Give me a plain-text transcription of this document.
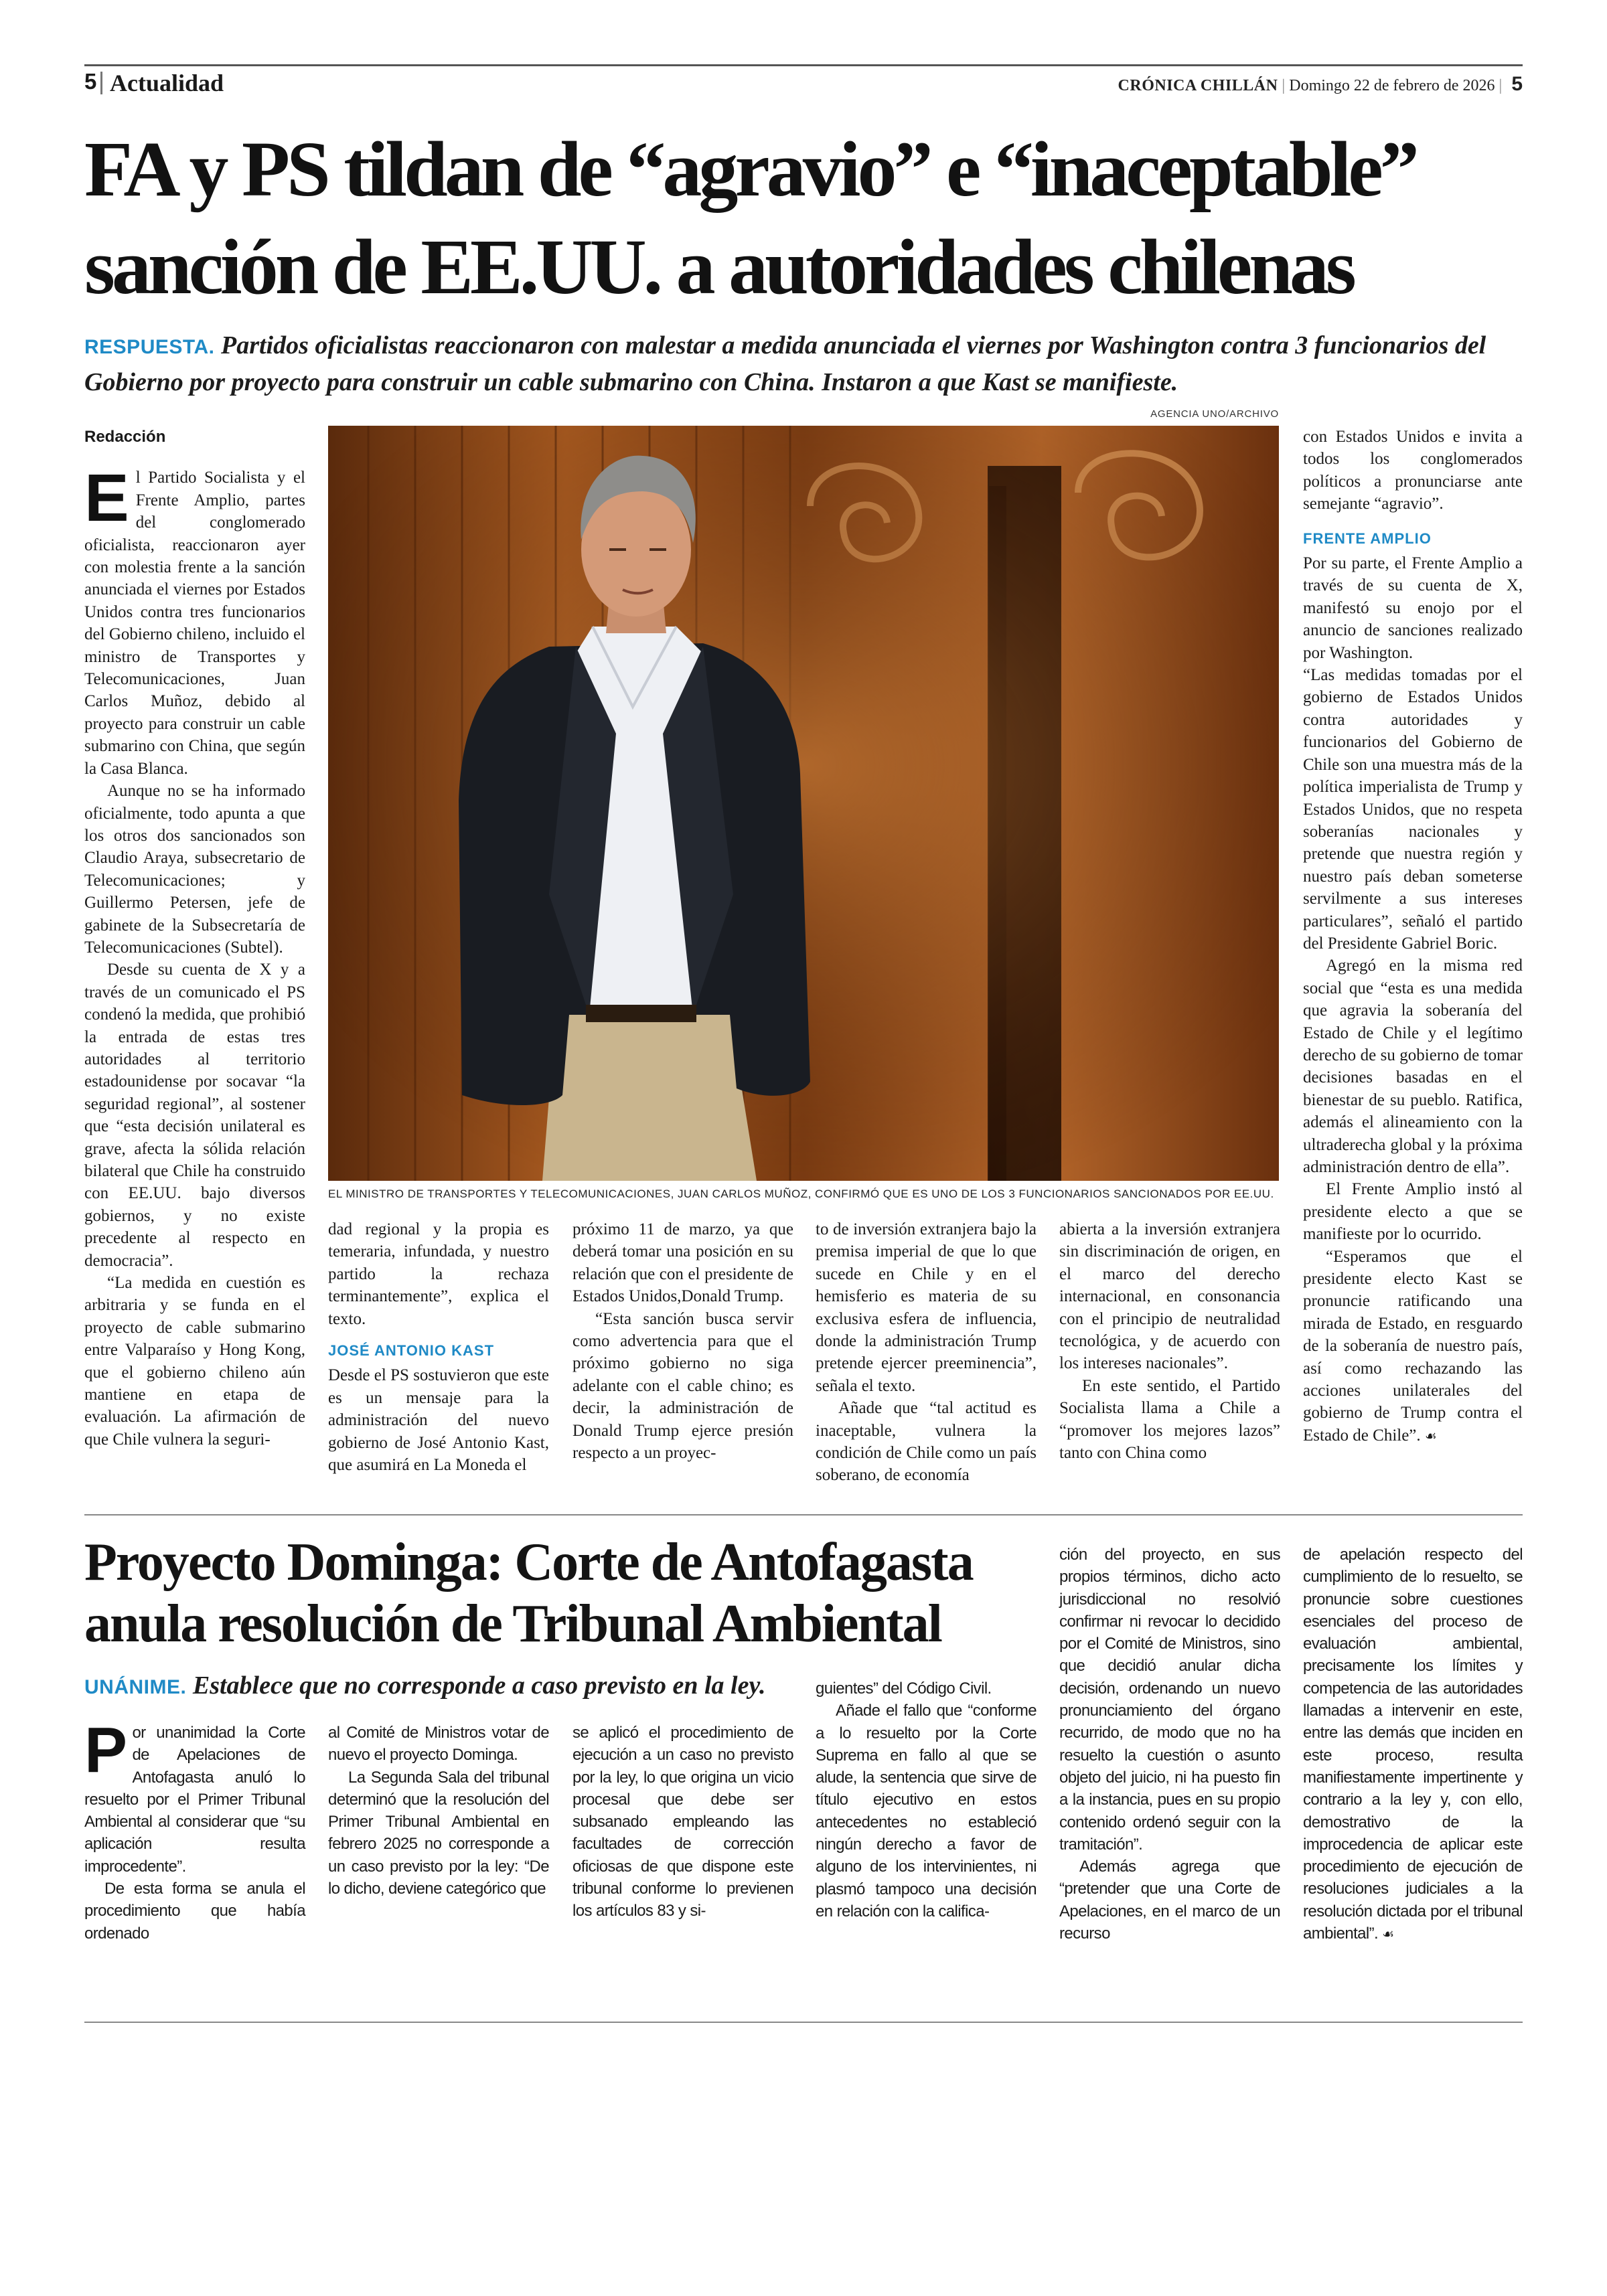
5 Actualidad	CRÓNICA CHILLÁN | Domingo 22 de febrero de 2026 | 5
FA y PS tildan de “agravio” e “inaceptable”
sanción de EE.UU. a autoridades chilenas
RESPUESTA. Partidos oficialistas reaccionaron con malestar a medida anunciada el viernes por Washington contra 3 funcionarios del Gobierno por proyecto para construir un cable submarino con China. Instaron a que Kast se manifieste.

Redacción

El Partido Socialista y el Frente Amplio, partes del conglomerado oficialista, reaccionaron ayer con molestia frente a la sanción anunciada el viernes por Estados Unidos contra tres funcionarios del Gobierno chileno, incluido el ministro de Transportes y Telecomunicaciones, Juan Carlos Muñoz, debido al proyecto para construir un cable submarino con China, que según la Casa Blanca.

Aunque no se ha informado oficialmente, todo apunta a que los otros dos sancionados son Claudio Araya, subsecretario de Telecomunicaciones; y Guillermo Petersen, jefe de gabinete de la Subsecretaría de Telecomunicaciones (Subtel).

Desde su cuenta de X y a través de un comunicado el PS condenó la medida, que prohibió la entrada de estas tres autoridades al territorio estadounidense por socavar “la seguridad regional”, al sostener que “esta decisión unilateral es grave, afecta la sólida relación bilateral que Chile ha construido con EE.UU. bajo diversos gobiernos, y no existe precedente al respecto en democracia”.

“La medida en cuestión es arbitraria y se funda en el proyecto de cable submarino entre Valparaíso y Hong Kong, que el gobierno chileno aún mantiene en etapa de evaluación. La afirmación de que Chile vulnera la seguri-

AGENCIA UNO/ARCHIVO
EL MINISTRO DE TRANSPORTES Y TELECOMUNICACIONES, JUAN CARLOS MUÑOZ, CONFIRMÓ QUE ES UNO DE LOS 3 FUNCIONARIOS SANCIONADOS POR EE.UU.

dad regional y la propia es temeraria, infundada, y nuestro partido la rechaza terminantemente”, explica el texto.

JOSÉ ANTONIO KAST

Desde el PS sostuvieron que este es un mensaje para la administración del nuevo gobierno de José Antonio Kast, que asumirá en La Moneda el

próximo 11 de marzo, ya que deberá tomar una posición en su relación que con el presidente de Estados Unidos,Donald Trump.

“Esta sanción busca servir como advertencia para que el próximo gobierno no siga adelante con el cable chino; es decir, la administración de Donald Trump ejerce presión respecto a un proyec-

to de inversión extranjera bajo la premisa imperial de que lo que sucede en Chile y en el hemisferio es materia de su exclusiva esfera de influencia, donde la administración Trump pretende ejercer preeminencia”, señala el texto.

Añade que “tal actitud es inaceptable, vulnera la condición de Chile como un país soberano, de economía

abierta a la inversión extranjera sin discriminación de origen, en el marco del derecho internacional, en consonancia con el principio de neutralidad tecnológica, y de acuerdo con los intereses nacionales”.

En este sentido, el Partido Socialista llama a Chile a “promover los mejores lazos” tanto con China como

con Estados Unidos e invita a todos los conglomerados políticos a pronunciarse ante semejante “agravio”.

FRENTE AMPLIO

Por su parte, el Frente Amplio a través de su cuenta de X, manifestó su enojo por el anuncio de sanciones realizado por Washington.

“Las medidas tomadas por el gobierno de Estados Unidos contra autoridades y funcionarios del Gobierno de Chile son una muestra más de la política imperialista de Trump y Estados Unidos, que no respeta soberanías nacionales y pretende que nuestra región y nuestro país deban someterse servilmente a sus intereses particulares”, señaló el partido del Presidente Gabriel Boric.

Agregó en la misma red social que “esta es una medida que agravia la soberanía del Estado de Chile y el legítimo derecho de su gobierno de tomar decisiones basadas en el bienestar de su pueblo. Ratifica, además el alineamiento con la ultraderecha global y la próxima administración dentro de ella”.

El Frente Amplio instó al presidente electo a que se manifieste por lo ocurrido.

“Esperamos que el presidente electo Kast se pronuncie ratificando una mirada de Estado, en resguardo de la soberanía de nuestro país, así como rechazando las acciones unilaterales del gobierno de Trump contra el Estado de Chile”. ☙

Proyecto Dominga: Corte de Antofagasta
anula resolución de Tribunal Ambiental
UNÁNIME. Establece que no corresponde a caso previsto en la ley.

Por unanimidad la Corte de Apelaciones de Antofagasta anuló lo resuelto por el Primer Tribunal Ambiental al considerar que “su aplicación resulta improcedente”.

De esta forma se anula el procedimiento que había ordenado

al Comité de Ministros votar de nuevo el proyecto Dominga.

La Segunda Sala del tribunal determinó que la resolución del Primer Tribunal Ambiental en febrero 2025 no corresponde a un caso previsto por la ley: “De lo dicho, deviene categórico que

se aplicó el procedimiento de ejecución a un caso no previsto por la ley, lo que origina un vicio procesal que debe ser subsanado empleando las facultades de corrección oficiosas de que dispone este tribunal conforme lo previenen los artículos 83 y si-

guientes” del Código Civil.

Añade el fallo que “conforme a lo resuelto por la Corte Suprema en fallo al que se alude, la sentencia que sirve de título ejecutivo en estos antecedentes no estableció ningún derecho a favor de alguno de los intervinientes, ni plasmó tampoco una decisión en relación con la califica-

ción del proyecto, en sus propios términos, dicho acto jurisdiccional no resolvió confirmar ni revocar lo decidido por el Comité de Ministros, sino que decidió anular dicha decisión, ordenando un nuevo pronunciamiento del órgano recurrido, de modo que no ha resuelto la cuestión o asunto objeto del juicio, ni ha puesto fin a la instancia, pues en su propio contenido ordenó seguir con la tramitación”.

Además agrega que “pretender que una Corte de Apelaciones, en el marco de un recurso

de apelación respecto del cumplimiento de lo resuelto, se pronuncie sobre cuestiones esenciales del proceso de evaluación ambiental, precisamente los límites y competencia de las autoridades llamadas a intervenir en este, entre las demás que inciden en este proceso, resulta manifiestamente impertinente y contrario a la ley y, con ello, demostrativo de la improcedencia de aplicar este procedimiento de ejecución de resoluciones judiciales a la resolución dictada por el tribunal ambiental”. ☙
